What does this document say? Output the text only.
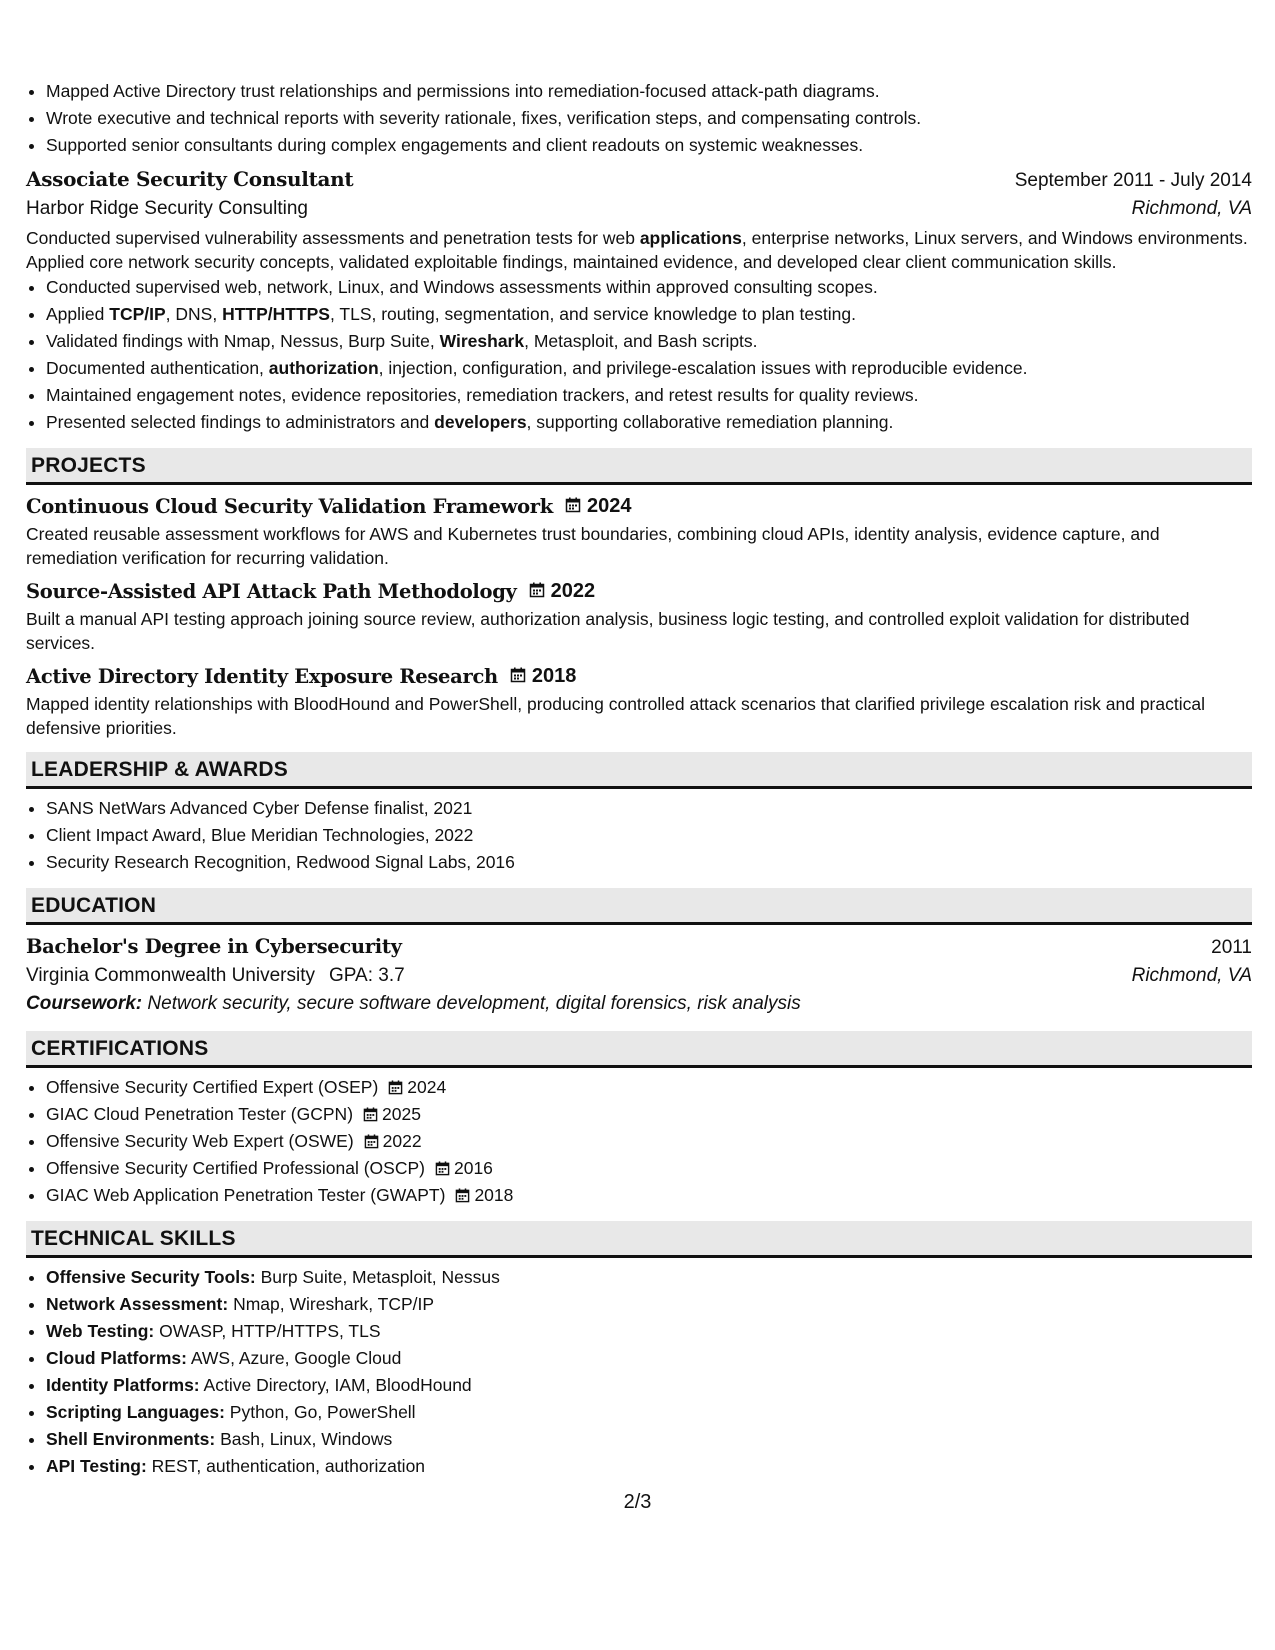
• Mapped Active Directory trust relationships and permissions into remediation-focused attack-path diagrams.
• Wrote executive and technical reports with severity rationale, fixes, verification steps, and compensating controls.
• Supported senior consultants during complex engagements and client readouts on systemic weaknesses.
Associate Security Consultant	September 2011 - July 2014
Harbor Ridge Security Consulting	Richmond, VA
Conducted supervised vulnerability assessments and penetration tests for web applications, enterprise networks, Linux servers, and Windows environments. Applied core network security concepts, validated exploitable findings, maintained evidence, and developed clear client communication skills.
• Conducted supervised web, network, Linux, and Windows assessments within approved consulting scopes.
• Applied TCP/IP, DNS, HTTP/HTTPS, TLS, routing, segmentation, and service knowledge to plan testing.
• Validated findings with Nmap, Nessus, Burp Suite, Wireshark, Metasploit, and Bash scripts.
• Documented authentication, authorization, injection, configuration, and privilege-escalation issues with reproducible evidence.
• Maintained engagement notes, evidence repositories, remediation trackers, and retest results for quality reviews.
• Presented selected findings to administrators and developers, supporting collaborative remediation planning.
PROJECTS
Continuous Cloud Security Validation Framework 2024
Created reusable assessment workflows for AWS and Kubernetes trust boundaries, combining cloud APIs, identity analysis, evidence capture, and remediation verification for recurring validation.
Source-Assisted API Attack Path Methodology 2022
Built a manual API testing approach joining source review, authorization analysis, business logic testing, and controlled exploit validation for distributed services.
Active Directory Identity Exposure Research 2018
Mapped identity relationships with BloodHound and PowerShell, producing controlled attack scenarios that clarified privilege escalation risk and practical defensive priorities.
LEADERSHIP & AWARDS
• SANS NetWars Advanced Cyber Defense finalist, 2021
• Client Impact Award, Blue Meridian Technologies, 2022
• Security Research Recognition, Redwood Signal Labs, 2016
EDUCATION
Bachelor's Degree in Cybersecurity	2011
Virginia Commonwealth University GPA: 3.7	Richmond, VA
Coursework: Network security, secure software development, digital forensics, risk analysis
CERTIFICATIONS
• Offensive Security Certified Expert (OSEP) 2024
• GIAC Cloud Penetration Tester (GCPN) 2025
• Offensive Security Web Expert (OSWE) 2022
• Offensive Security Certified Professional (OSCP) 2016
• GIAC Web Application Penetration Tester (GWAPT) 2018
TECHNICAL SKILLS
• Offensive Security Tools: Burp Suite, Metasploit, Nessus
• Network Assessment: Nmap, Wireshark, TCP/IP
• Web Testing: OWASP, HTTP/HTTPS, TLS
• Cloud Platforms: AWS, Azure, Google Cloud
• Identity Platforms: Active Directory, IAM, BloodHound
• Scripting Languages: Python, Go, PowerShell
• Shell Environments: Bash, Linux, Windows
• API Testing: REST, authentication, authorization
2/3
